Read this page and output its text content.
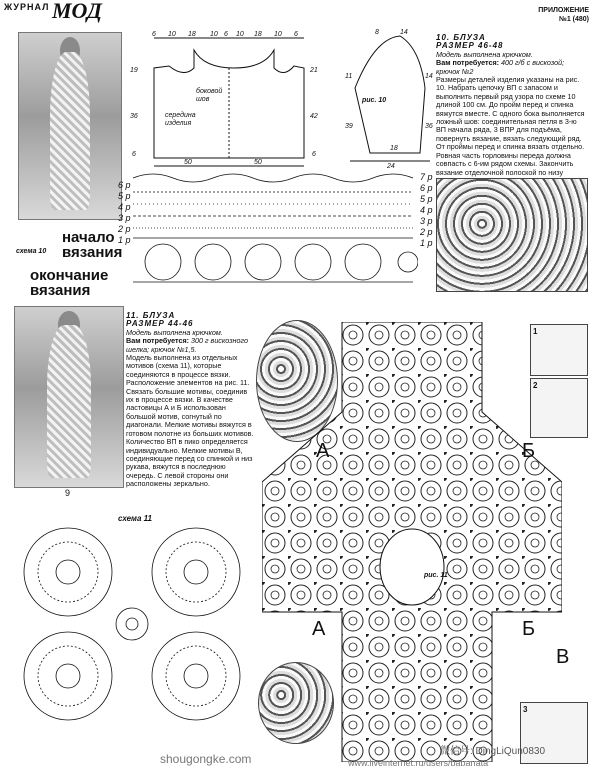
ЖУРНАЛ МОД	ПРИЛОЖЕНИЕ
№1 (480)
6 10 18 10 6 10 18 10 6
19
36
6
21
42
6
50	50
боковой шов
середина изделия
8	14
11
39
14
36
18
24
рис. 10
10. БЛУЗА
РАЗМЕР 46-48
Модель выполнена крючком.
Вам потребуется: 400 г/б с вискозой; крючок №2
Размеры деталей изделия указаны на рис. 10. Набрать цепочку ВП с запасом и выполнить первый ряд узора по схеме 10 длиной 100 см. До пройм перед и спинка вяжутся вместе. С одного бока выполняется ложный шов: соединительная петля в 3-ю ВП начала ряда, 3 ВПР для подъёма, повернуть вязание, вязать следующий ряд. От проймы перед и спинка вязать отдельно. Ровная часть горловины переда должна совпасть с 6-им рядом схемы. Закончить вязание отделочной полоской по низу
6 р
5 р
4 р
3 р
2 р
1 р
7 р
6 р
5 р
4 р
3 р
2 р
1 р
схема 10
начало вязания
окончание вязания
11. БЛУЗА
РАЗМЕР 44-46
Модель выполнена крючком.
Вам потребуется: 300 г вискозного шелка; крючок №1,5.
Модель выполнена из отдельных мотивов (схема 11), которые соединяются в процессе вязки. Расположение элементов на рис. 11. Связать большие мотивы, соединив их в процессе вязки. В качестве ластовицы А и Б использован большой мотив, согнутый по диагонали. Мелкие мотивы вяжутся в готовом полотне из больших мотивов. Количество ВП в пико определяется индивидуально. Мелкие мотивы В, соединяющие перед со спинкой и низ рукава, вяжутся в последнюю очередь. С левой стороны они расположены зеркально.
рис. 11
А	Б
А	Б
В
1
2
3
9
схема 11
shougongke.com	www.liveinternet.ru/users/babanata
微信号: DingLiQun0830
